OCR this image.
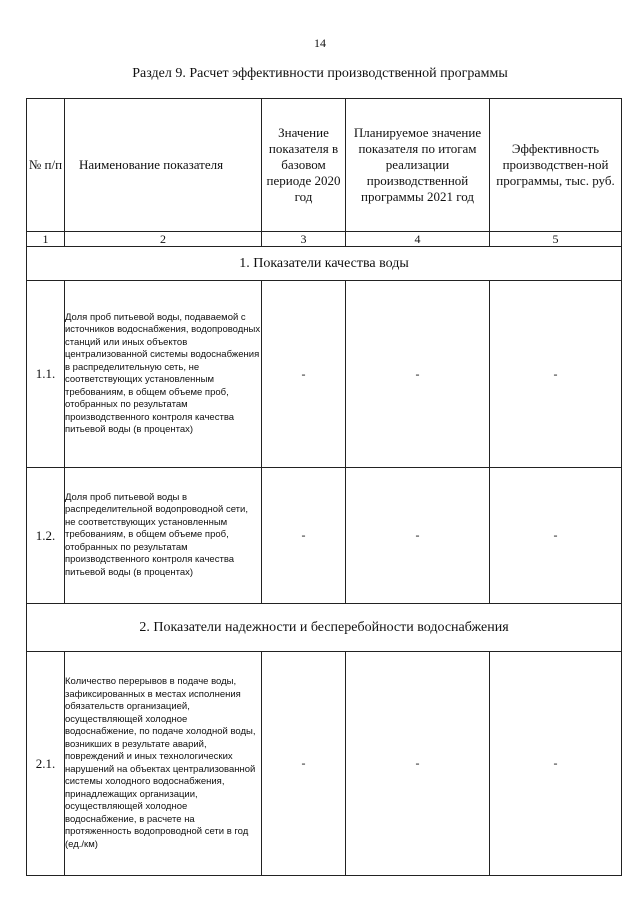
14
Раздел 9. Расчет эффективности производственной программы
№ п/п	Наименование показателя	Значение показателя в базовом периоде 2020 год	Планируемое значение показателя по итогам реализации производственной программы 2021 год	Эффективность производствен-ной программы, тыс. руб.
1	2	3	4	5
1. Показатели качества воды				
1.1.	Доля проб питьевой воды, подаваемой с источников водоснабжения, водопроводных станций или иных объектов централизованной системы водоснабжения в распределительную сеть, не соответствующих установленным требованиям, в общем объеме проб, отобранных по результатам производственного контроля качества питьевой воды (в процентах)	-	-	-
1.2.	Доля проб питьевой воды в распределительной водопроводной сети, не соответствующих установленным требованиям, в общем объеме проб, отобранных по результатам производственного контроля качества питьевой воды (в процентах)	-	-	-
2. Показатели надежности и бесперебойности водоснабжения				
2.1.	Количество перерывов в подаче воды, зафиксированных в местах исполнения обязательств организацией, осуществляющей холодное водоснабжение, по подаче холодной воды, возникших в результате аварий, повреждений и иных технологических нарушений на объектах централизованной системы холодного водоснабжения, принадлежащих организации, осуществляющей холодное водоснабжение, в расчете на протяженность водопроводной сети в год (ед./км)	-	-	-
